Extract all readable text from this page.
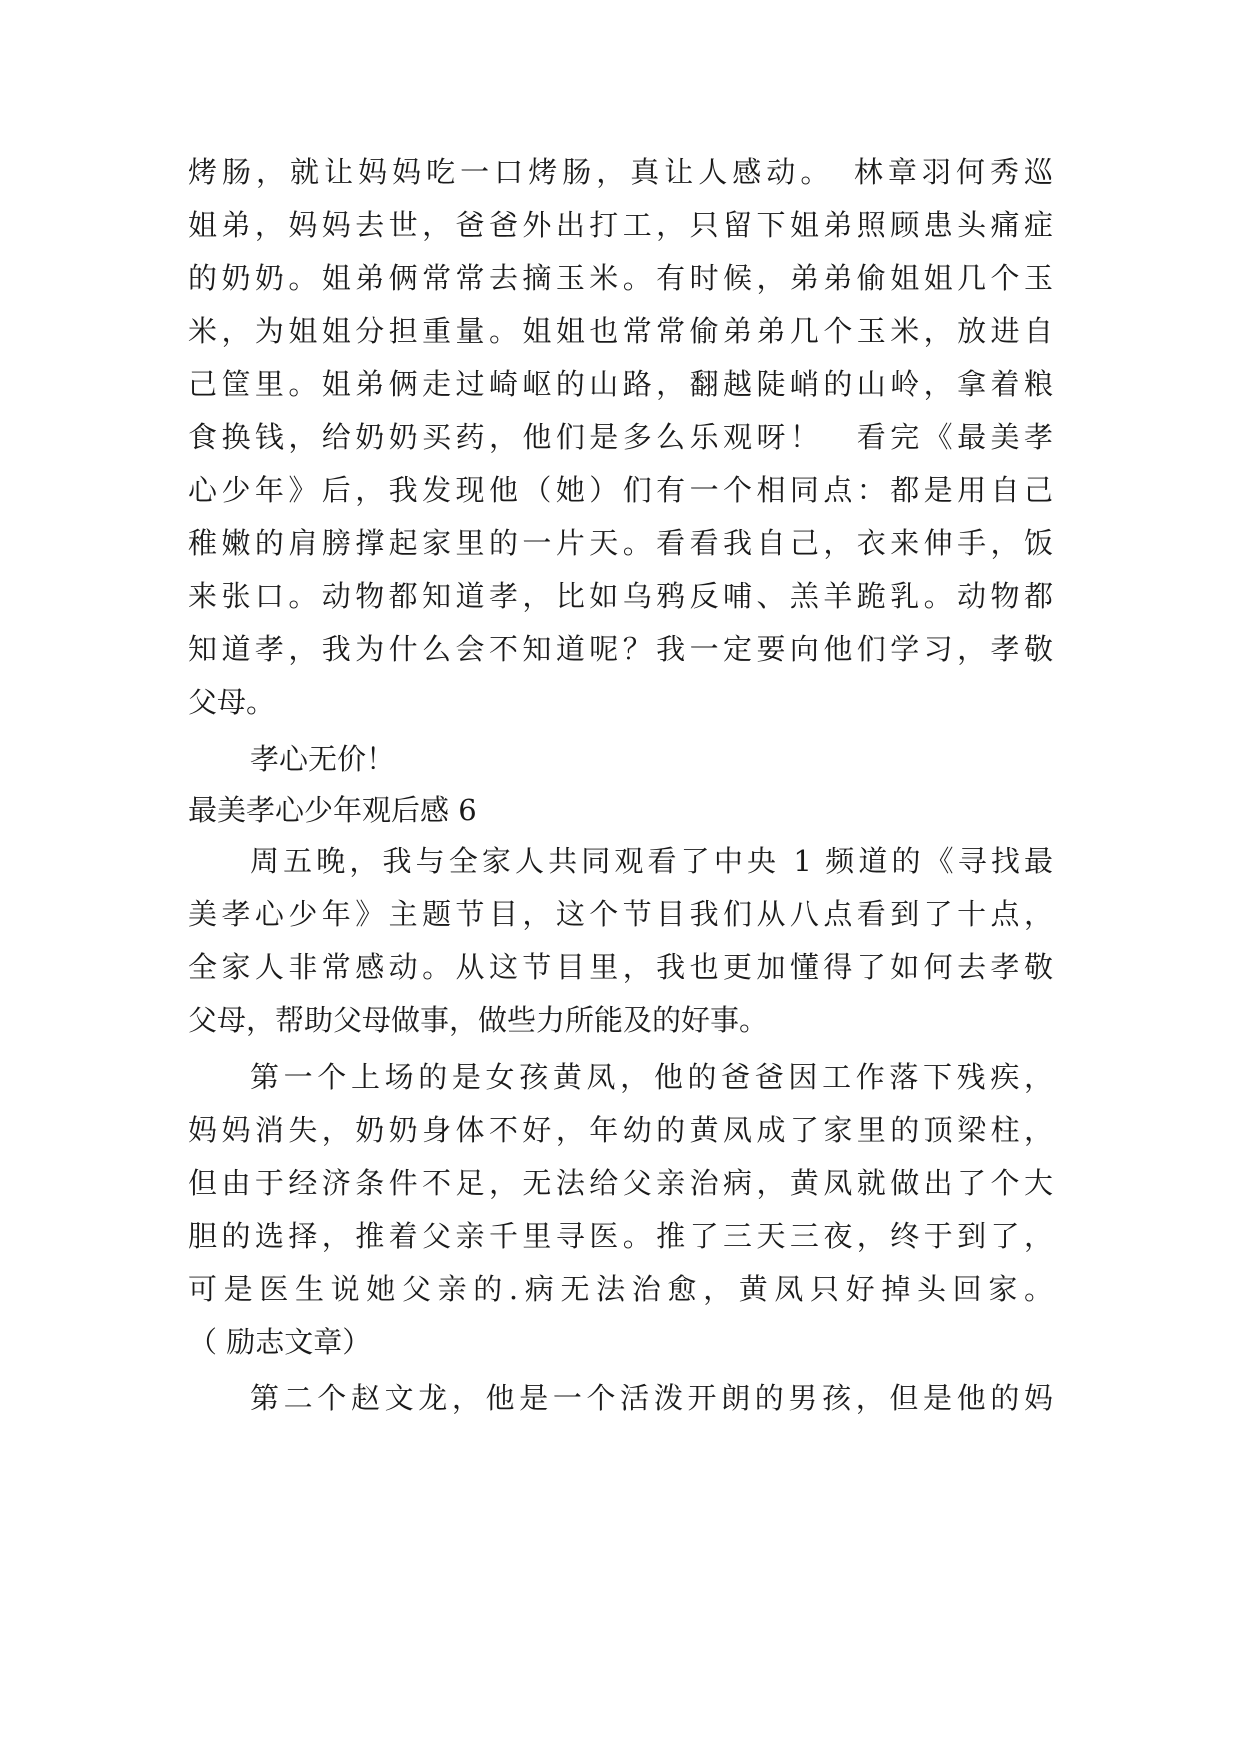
烤肠，就让妈妈吃一口烤肠，真让人感动。　林章羽何秀巡
姐弟，妈妈去世，爸爸外出打工，只留下姐弟照顾患头痛症
的奶奶。姐弟俩常常去摘玉米。有时候，弟弟偷姐姐几个玉
米，为姐姐分担重量。姐姐也常常偷弟弟几个玉米，放进自
己筐里。姐弟俩走过崎岖的山路，翻越陡峭的山岭，拿着粮
食换钱，给奶奶买药，他们是多么乐观呀！　看完《最美孝
心少年》后，我发现他（她）们有一个相同点：都是用自己
稚嫩的肩膀撑起家里的一片天。看看我自己，衣来伸手，饭
来张口。动物都知道孝，比如乌鸦反哺、羔羊跪乳。动物都
知道孝，我为什么会不知道呢？我一定要向他们学习，孝敬
父母。
孝心无价！
最美孝心少年观后感 6
周五晚，我与全家人共同观看了中央 1 频道的《寻找最
美孝心少年》主题节目，这个节目我们从八点看到了十点，
全家人非常感动。从这节目里，我也更加懂得了如何去孝敬
父母，帮助父母做事，做些力所能及的好事。
第一个上场的是女孩黄凤，他的爸爸因工作落下残疾，
妈妈消失，奶奶身体不好，年幼的黄凤成了家里的顶梁柱，
但由于经济条件不足，无法给父亲治病，黄凤就做出了个大
胆的选择，推着父亲千里寻医。推了三天三夜，终于到了，
可是医生说她父亲的.病无法治愈，黄凤只好掉头回家。
（ 励志文章）
第二个赵文龙，他是一个活泼开朗的男孩，但是他的妈
